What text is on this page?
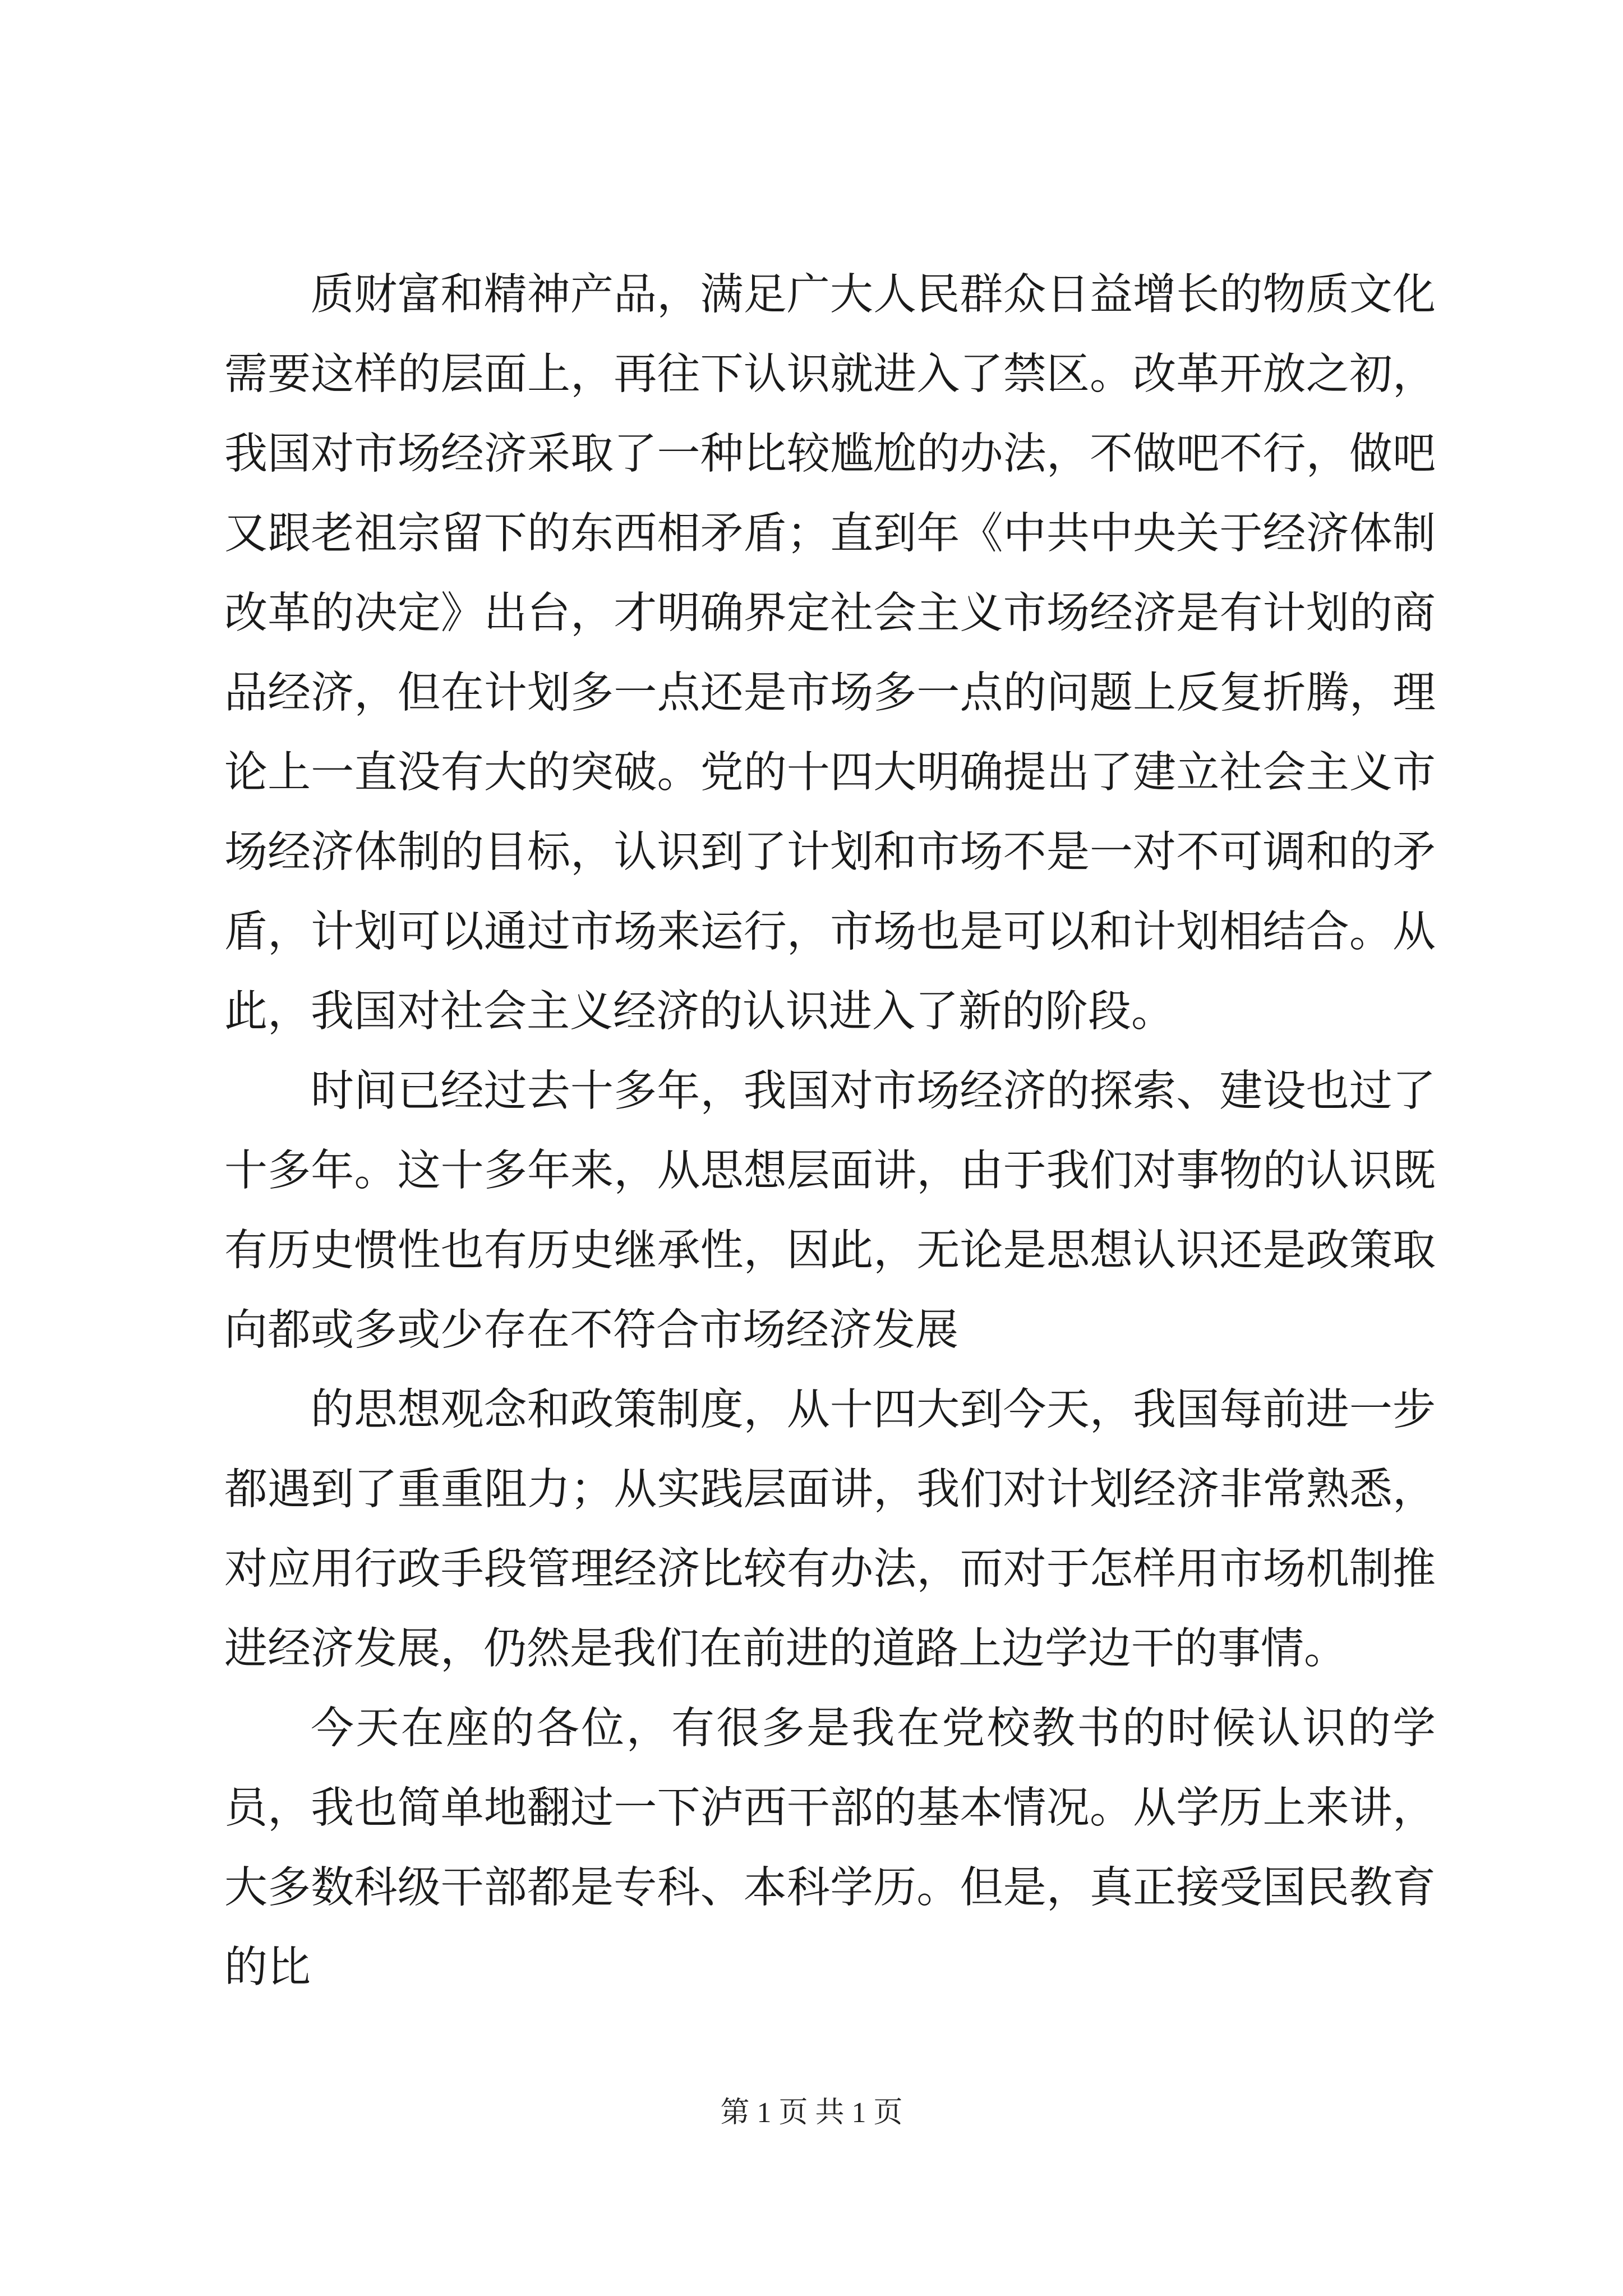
质财富和精神产品，满足广大人民群众日益增长的物质文化需要这样的层面上，再往下认识就进入了禁区。改革开放之初，我国对市场经济采取了一种比较尴尬的办法，不做吧不行，做吧又跟老祖宗留下的东西相矛盾；直到年《中共中央关于经济体制改革的决定》出台，才明确界定社会主义市场经济是有计划的商品经济，但在计划多一点还是市场多一点的问题上反复折腾，理论上一直没有大的突破。党的十四大明确提出了建立社会主义市场经济体制的目标，认识到了计划和市场不是一对不可调和的矛盾，计划可以通过市场来运行，市场也是可以和计划相结合。从此，我国对社会主义经济的认识进入了新的阶段。

时间已经过去十多年，我国对市场经济的探索、建设也过了十多年。这十多年来，从思想层面讲，由于我们对事物的认识既有历史惯性也有历史继承性，因此，无论是思想认识还是政策取向都或多或少存在不符合市场经济发展

的思想观念和政策制度，从十四大到今天，我国每前进一步都遇到了重重阻力；从实践层面讲，我们对计划经济非常熟悉，对应用行政手段管理经济比较有办法，而对于怎样用市场机制推进经济发展，仍然是我们在前进的道路上边学边干的事情。

今天在座的各位，有很多是我在党校教书的时候认识的学员，我也简单地翻过一下泸西干部的基本情况。从学历上来讲，大多数科级干部都是专科、本科学历。但是，真正接受国民教育的比

第 1 页 共 1 页
